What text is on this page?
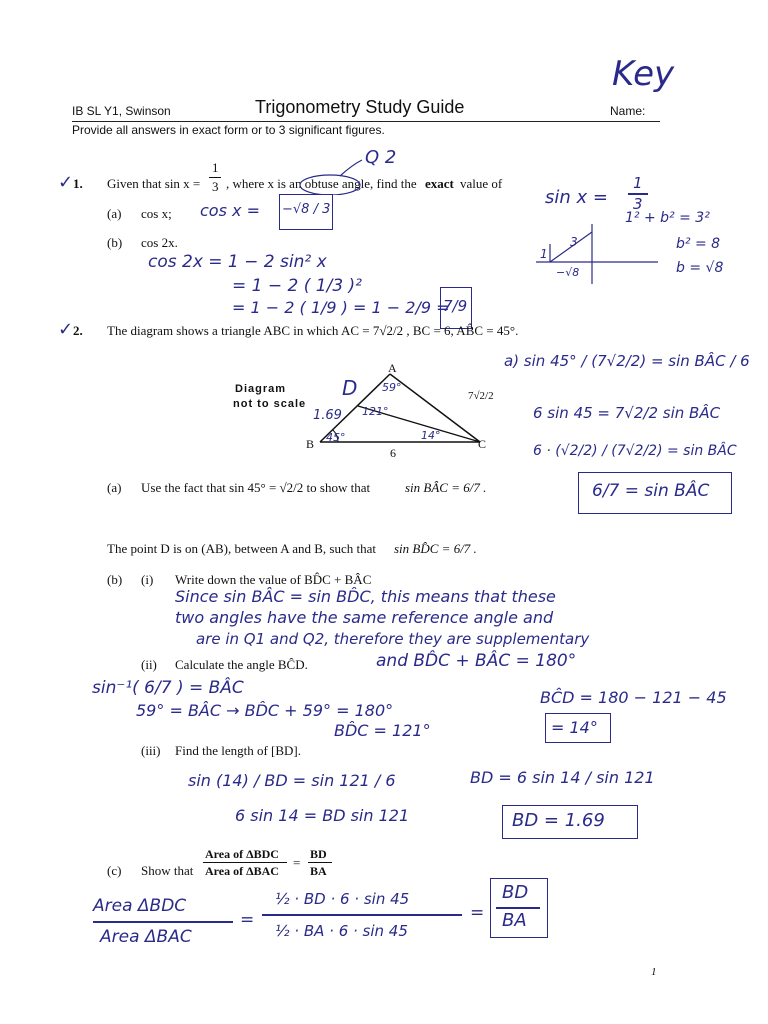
Key
IB SL Y1, Swinson	Trigonometry Study Guide	Name:
Provide all answers in exact form or to 3 significant figures.
✓ 1. Given that sin x =
1
3 , where x is an obtuse angle, find the exact value of
Q 2
(a) cos x; cos x = −√8 / 3
(b) cos 2x.
cos 2x = 1 − 2 sin² x
= 1 − 2 ( 1/3 )²
= 1 − 2 ( 1/9 ) = 1 − 2/9 =
7/9
sin x =
1
3
1² + b² = 3²
b² = 8
b = √8
3
1
−√8
✓ 2. The diagram shows a triangle ABC in which AC = 7√2/2 , BC = 6, AB̂C = 45°.
Diagram
not to scale
A
B	C
D
6
7√2/2
59°
121°
45°	14°
1.69
a) sin 45° / (7√2/2) = sin BÂC / 6
6 sin 45 = 7√2/2 sin BÂC
6 · (√2/2) / (7√2/2) = sin BÂC
6/7 = sin BÂC
(a) Use the fact that sin 45° = √2/2 to show that	sin BÂC = 6/7 .
The point D is on (AB), between A and B, such that sin BD̂C = 6/7 .
(b) (i) Write down the value of BD̂C + BÂC
Since sin BÂC = sin BD̂C, this means that these
two angles have the same reference angle and
are in Q1 and Q2, therefore they are supplementary
and BD̂C + BÂC = 180°
(ii) Calculate the angle BĈD.
sin⁻¹( 6/7 ) = BÂC
59° = BÂC → BD̂C + 59° = 180°
BD̂C = 121°
BĈD = 180 − 121 − 45
= 14°
(iii) Find the length of [BD].
sin (14) / BD = sin 121 / 6
6 sin 14 = BD sin 121
BD = 6 sin 14 / sin 121
BD = 1.69
(c) Show that
Area of ΔBDC
Area of ΔBAC
=
BD
BA
Area ΔBDC
Area ΔBAC
=
½ · BD · 6 · sin 45
½ · BA · 6 · sin 45
=
BD
BA
1
